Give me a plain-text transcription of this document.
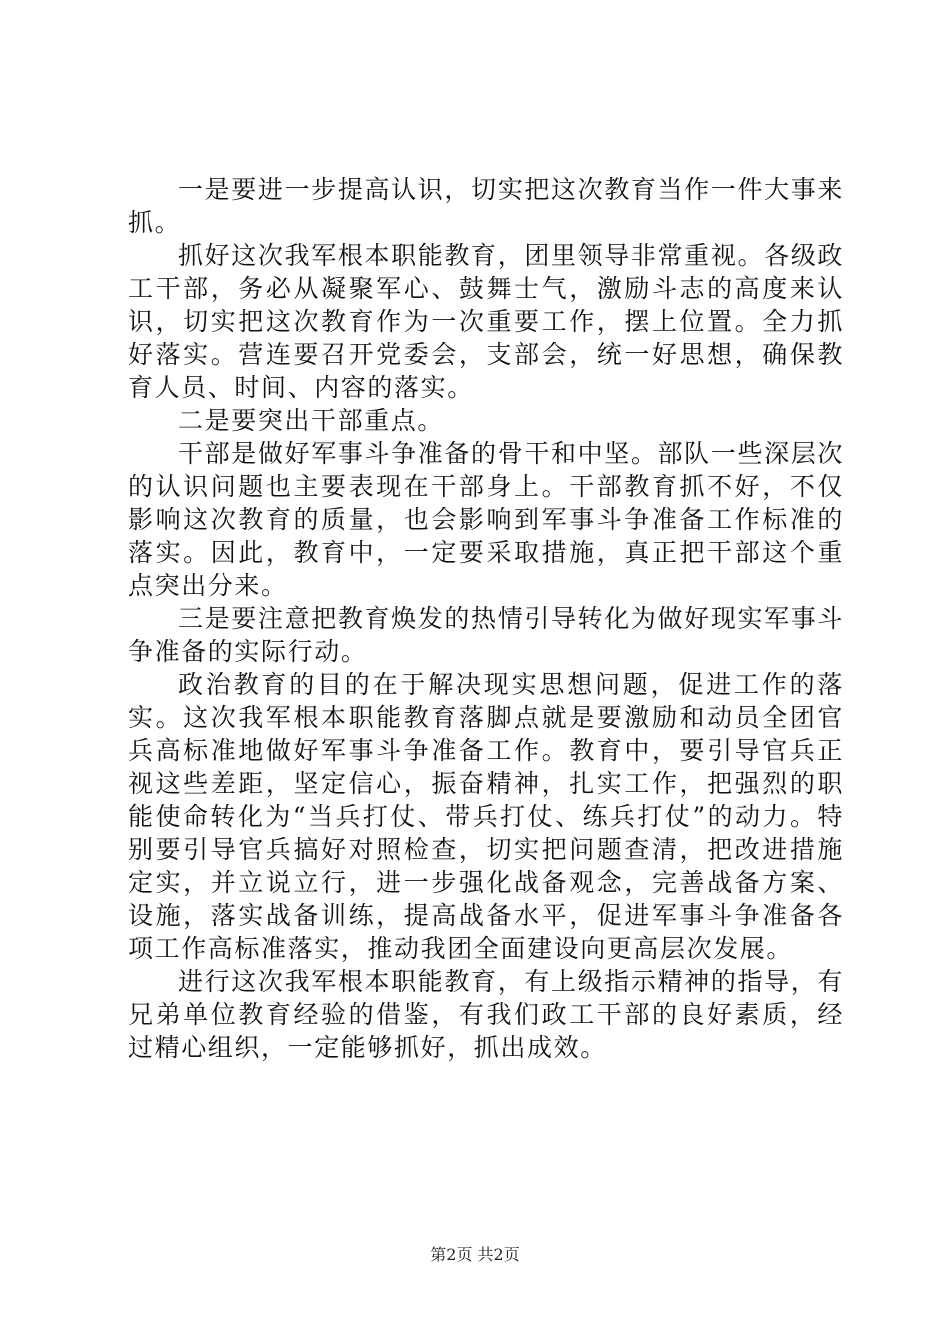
一是要进一步提高认识，切实把这次教育当作一件大事来抓。

抓好这次我军根本职能教育，团里领导非常重视。各级政工干部，务必从凝聚军心、鼓舞士气，激励斗志的高度来认识，切实把这次教育作为一次重要工作，摆上位置。全力抓好落实。营连要召开党委会，支部会，统一好思想，确保教育人员、时间、内容的落实。

二是要突出干部重点。

干部是做好军事斗争准备的骨干和中坚。部队一些深层次的认识问题也主要表现在干部身上。干部教育抓不好，不仅影响这次教育的质量，也会影响到军事斗争准备工作标准的落实。因此，教育中，一定要采取措施，真正把干部这个重点突出分来。

三是要注意把教育焕发的热情引导转化为做好现实军事斗争准备的实际行动。

政治教育的目的在于解决现实思想问题，促进工作的落实。这次我军根本职能教育落脚点就是要激励和动员全团官兵高标准地做好军事斗争准备工作。教育中，要引导官兵正视这些差距，坚定信心，振奋精神，扎实工作，把强烈的职能使命转化为“当兵打仗、带兵打仗、练兵打仗”的动力。特别要引导官兵搞好对照检查，切实把问题查清，把改进措施定实，并立说立行，进一步强化战备观念，完善战备方案、设施，落实战备训练，提高战备水平，促进军事斗争准备各项工作高标准落实，推动我团全面建设向更高层次发展。

进行这次我军根本职能教育，有上级指示精神的指导，有兄弟单位教育经验的借鉴，有我们政工干部的良好素质，经过精心组织，一定能够抓好，抓出成效。

第2页 共2页
